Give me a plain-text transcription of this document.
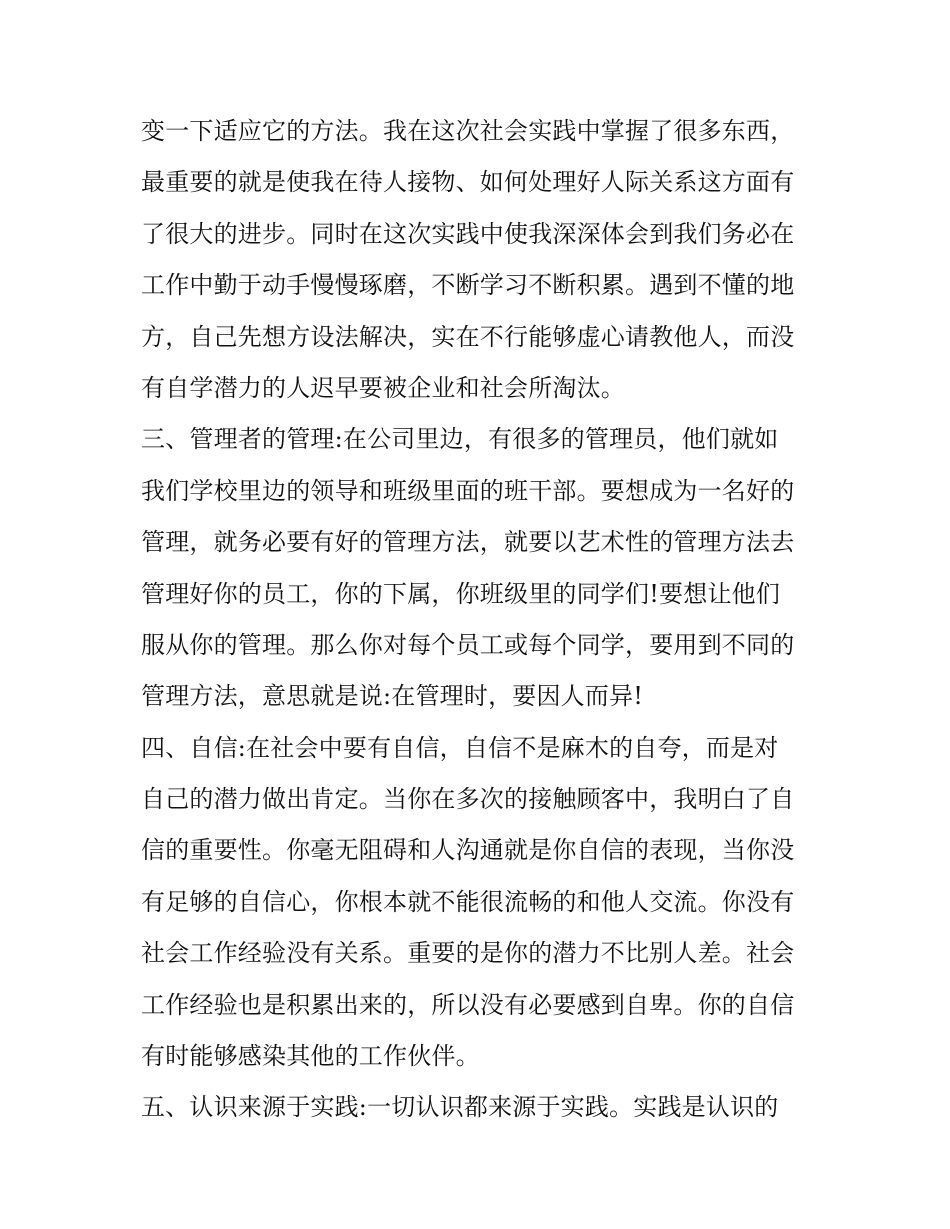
变一下适应它的方法。我在这次社会实践中掌握了很多东西，
最重要的就是使我在待人接物、如何处理好人际关系这方面有
了很大的进步。同时在这次实践中使我深深体会到我们务必在
工作中勤于动手慢慢琢磨，不断学习不断积累。遇到不懂的地
方，自己先想方设法解决，实在不行能够虚心请教他人，而没
有自学潜力的人迟早要被企业和社会所淘汰。
三、管理者的管理:在公司里边，有很多的管理员，他们就如
我们学校里边的领导和班级里面的班干部。要想成为一名好的
管理，就务必要有好的管理方法，就要以艺术性的管理方法去
管理好你的员工，你的下属，你班级里的同学们!要想让他们
服从你的管理。那么你对每个员工或每个同学，要用到不同的
管理方法，意思就是说:在管理时，要因人而异!
四、自信:在社会中要有自信，自信不是麻木的自夸，而是对
自己的潜力做出肯定。当你在多次的接触顾客中，我明白了自
信的重要性。你毫无阻碍和人沟通就是你自信的表现，当你没
有足够的自信心，你根本就不能很流畅的和他人交流。你没有
社会工作经验没有关系。重要的是你的潜力不比别人差。社会
工作经验也是积累出来的，所以没有必要感到自卑。你的自信
有时能够感染其他的工作伙伴。
五、认识来源于实践:一切认识都来源于实践。实践是认识的
